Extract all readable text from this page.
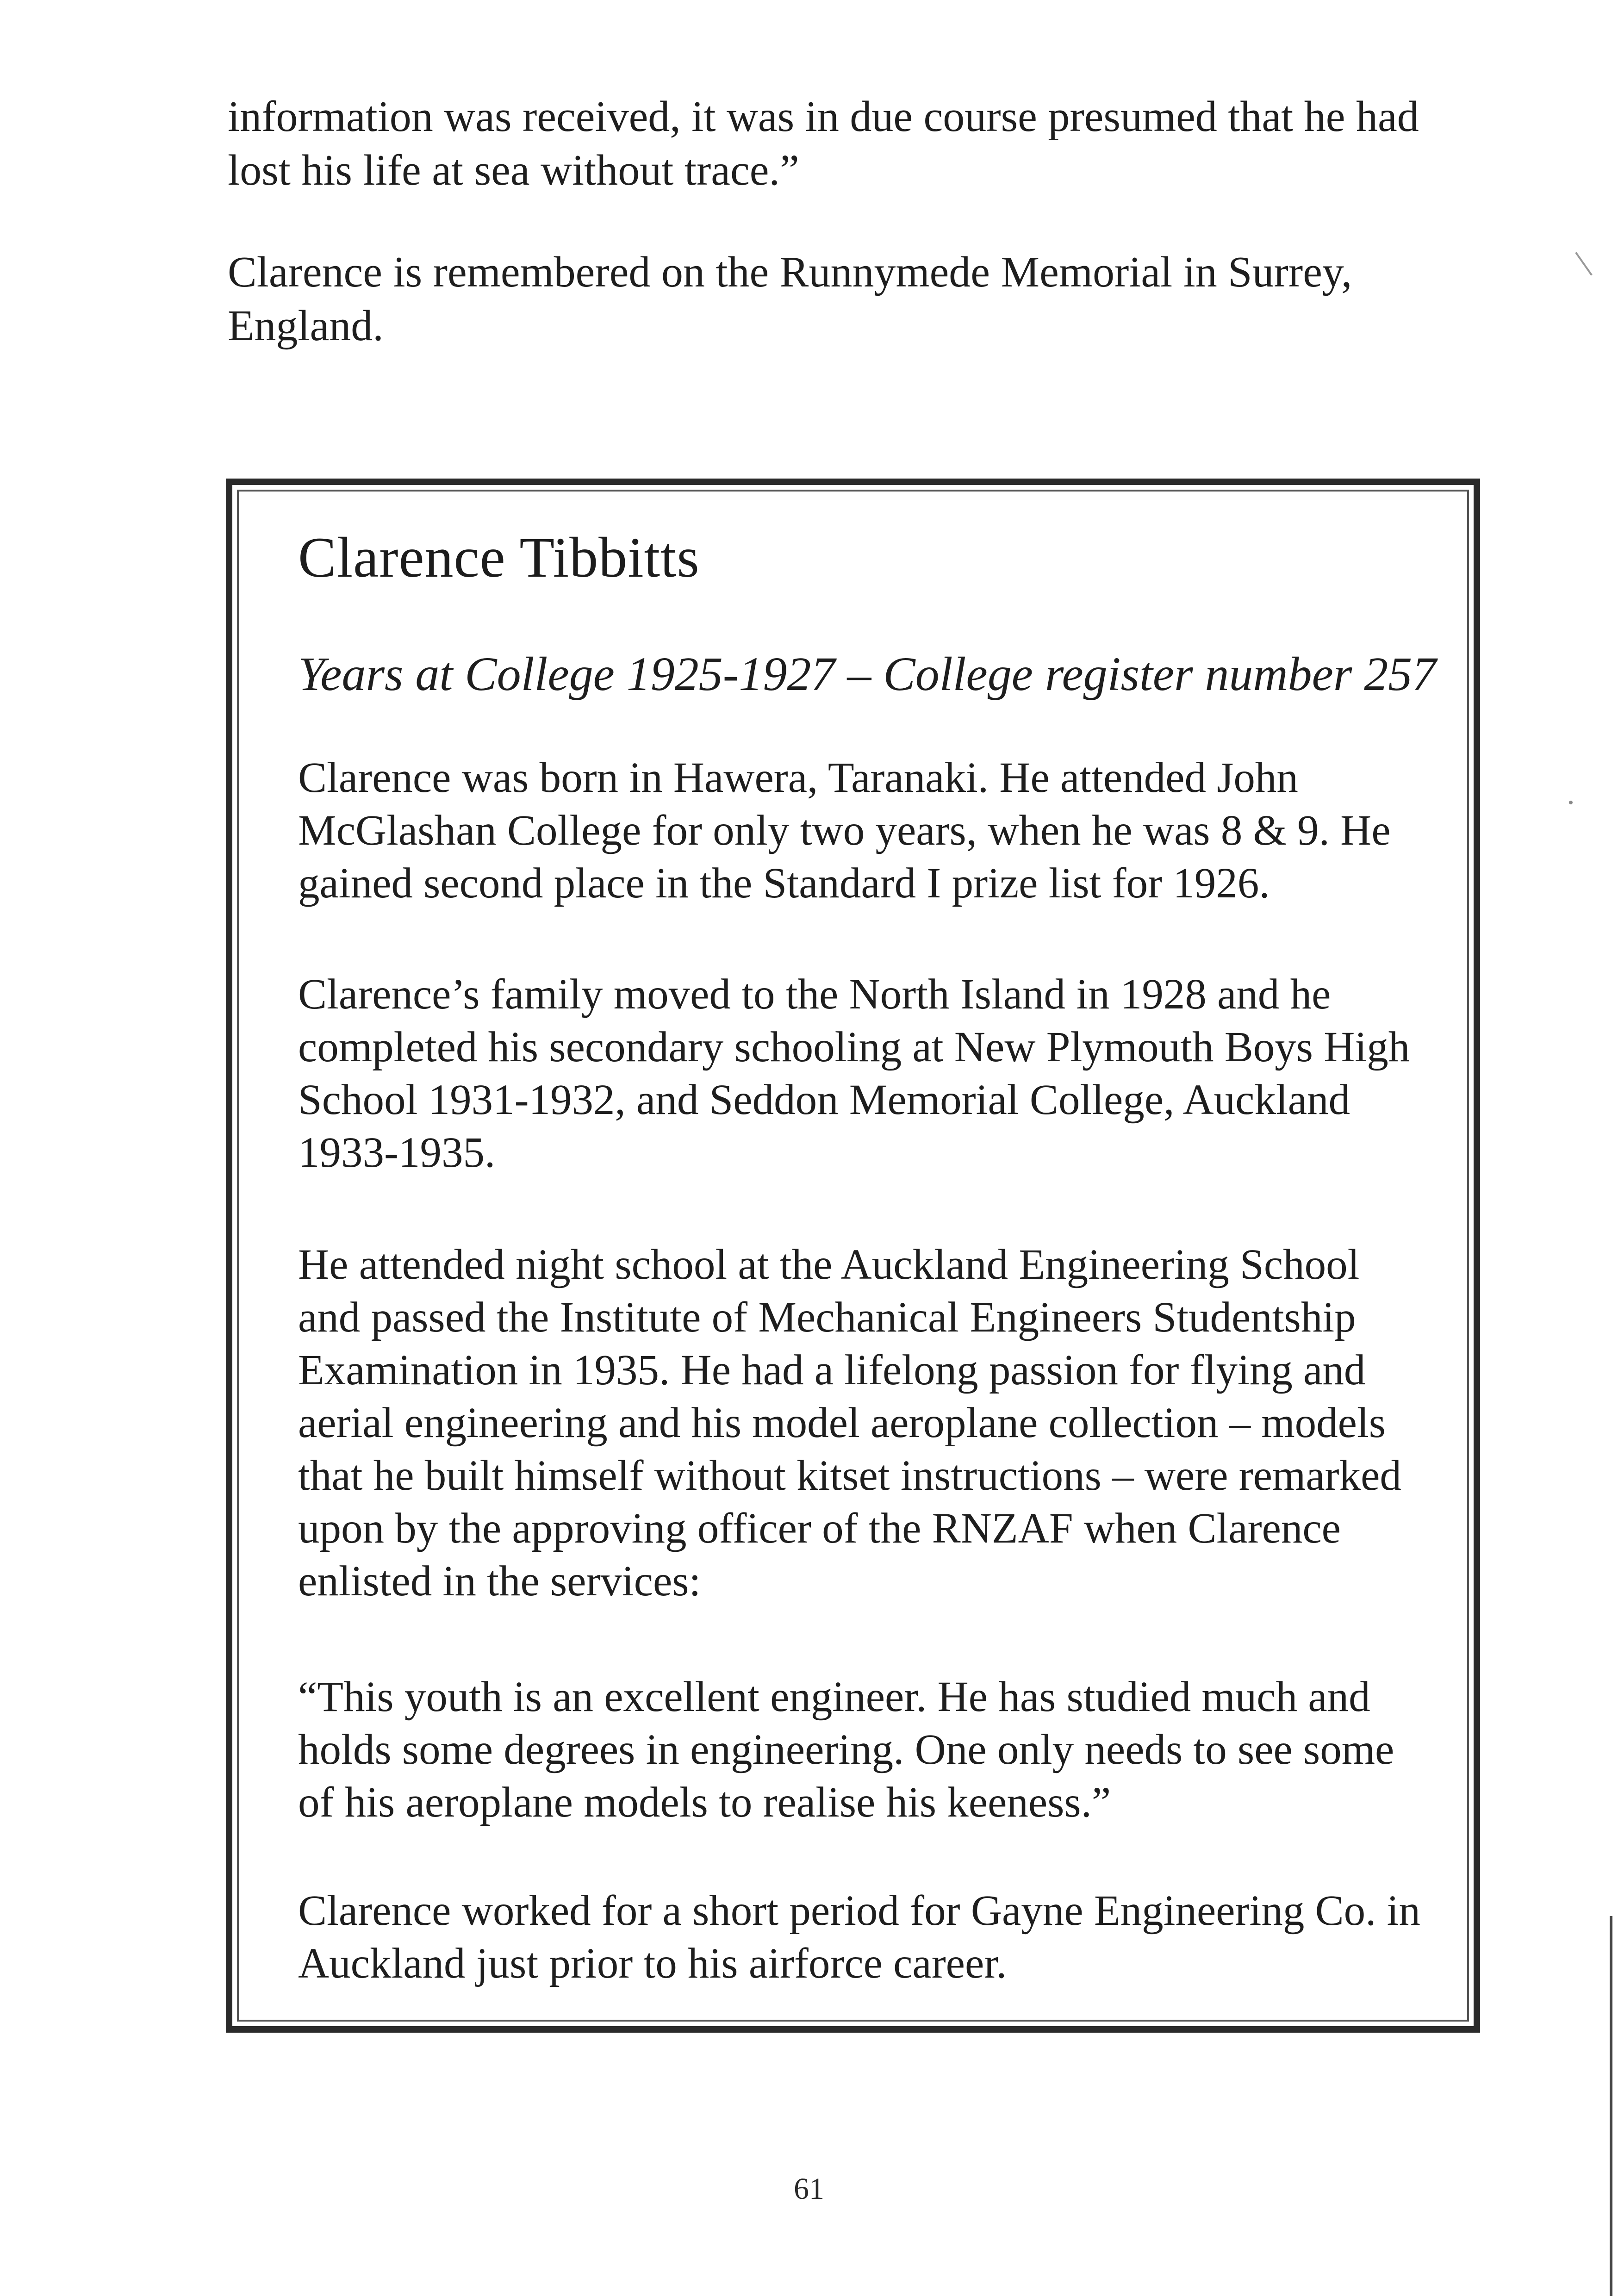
information was received, it was in due course presumed that he had lost his life at sea without trace.”

Clarence is remembered on the Runnymede Memorial in Surrey, England.

Clarence Tibbitts

Years at College 1925-1927 – College register number 257

Clarence was born in Hawera, Taranaki. He attended John McGlashan College for only two years, when he was 8 & 9. He gained second place in the Standard I prize list for 1926.

Clarence’s family moved to the North Island in 1928 and he completed his secondary schooling at New Plymouth Boys High School 1931-1932, and Seddon Memorial College, Auckland 1933-1935.

He attended night school at the Auckland Engineering School and passed the Institute of Mechanical Engineers Studentship Examination in 1935. He had a lifelong passion for flying and aerial engineering and his model aeroplane collection – models that he built himself without kitset instructions – were remarked upon by the approving officer of the RNZAF when Clarence enlisted in the services:

“This youth is an excellent engineer. He has studied much and holds some degrees in engineering. One only needs to see some of his aeroplane models to realise his keeness.”

Clarence worked for a short period for Gayne Engineering Co. in Auckland just prior to his airforce career.

61
